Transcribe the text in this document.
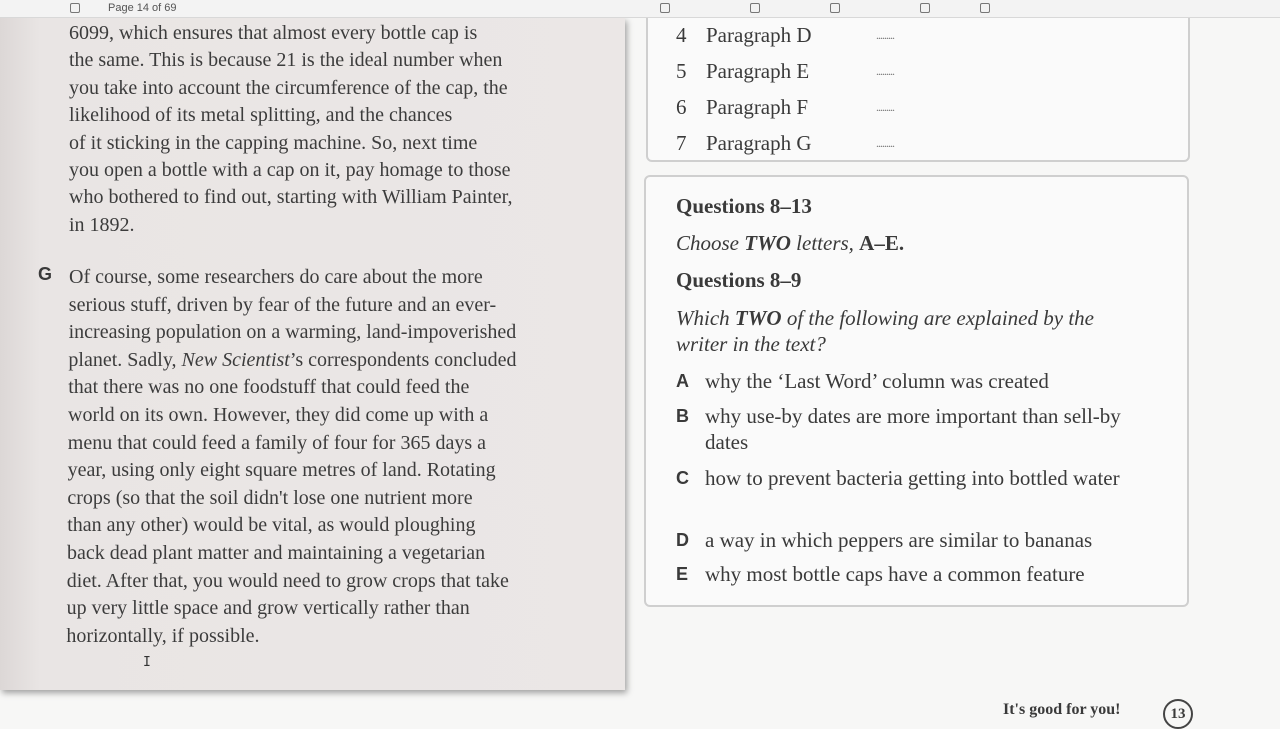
Page 14 of 69
6099, which ensures that almost every bottle cap is
the same. This is because 21 is the ideal number when
you take into account the circumference of the cap, the
likelihood of its metal splitting, and the chances
of it sticking in the capping machine. So, next time
you open a bottle with a cap on it, pay homage to those
who bothered to find out, starting with William Painter,
in 1892.
G Of course, some researchers do care about the more
serious stuff, driven by fear of the future and an ever-
increasing population on a warming, land-impoverished
planet. Sadly, New Scientist’s correspondents concluded
that there was no one foodstuff that could feed the
world on its own. However, they did come up with a
menu that could feed a family of four for 365 days a
year, using only eight square metres of land. Rotating
crops (so that the soil didn't lose one nutrient more
than any other) would be vital, as would ploughing
back dead plant matter and maintaining a vegetarian
diet. After that, you would need to grow crops that take
up very little space and grow vertically rather than
horizontally, if possible.
4 Paragraph D	.........
5 Paragraph E	.........
6 Paragraph F	.........
7 Paragraph G	.........
Questions 8–13
Choose TWO letters, A–E.
Questions 8–9
Which TWO of the following are explained by the
writer in the text?
A why the ‘Last Word’ column was created
B why use-by dates are more important than sell-by dates
C how to prevent bacteria getting into bottled water
D a way in which peppers are similar to bananas
E why most bottle caps have a common feature
It's good for you!	13
I
